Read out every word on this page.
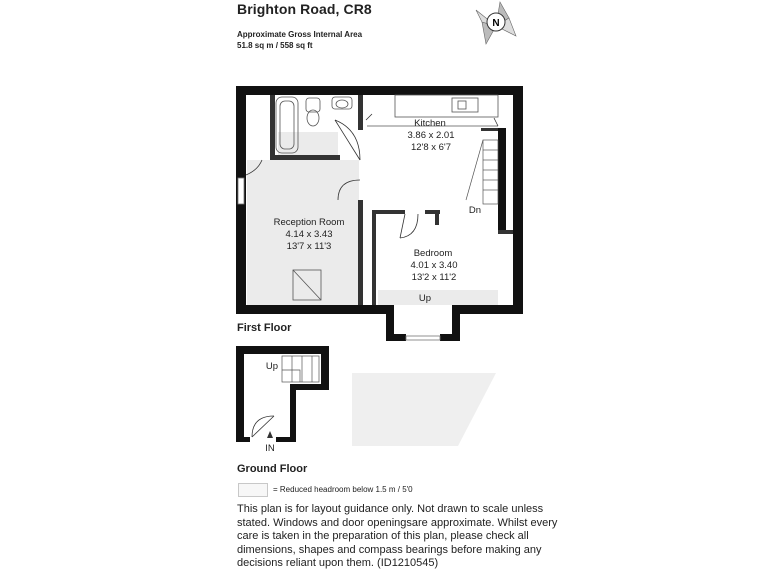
Brighton Road, CR8
Approximate Gross Internal Area
51.8 sq m / 558 sq ft
N
Kitchen
3.86 x 2.01
12'8 x 6'7
Reception Room
4.14 x 3.43
13'7 x 11'3
Bedroom
4.01 x 3.40
13'2 x 11'2
Dn
Up
Up
IN
First Floor
Ground Floor
= Reduced headroom below 1.5 m / 5'0
This plan is for layout guidance only. Not drawn to scale unless stated. Windows and door openingsare approximate. Whilst every care is taken in the preparation of this plan, please check all dimensions, shapes and compass bearings before making any decisions reliant upon them. (ID1210545)
